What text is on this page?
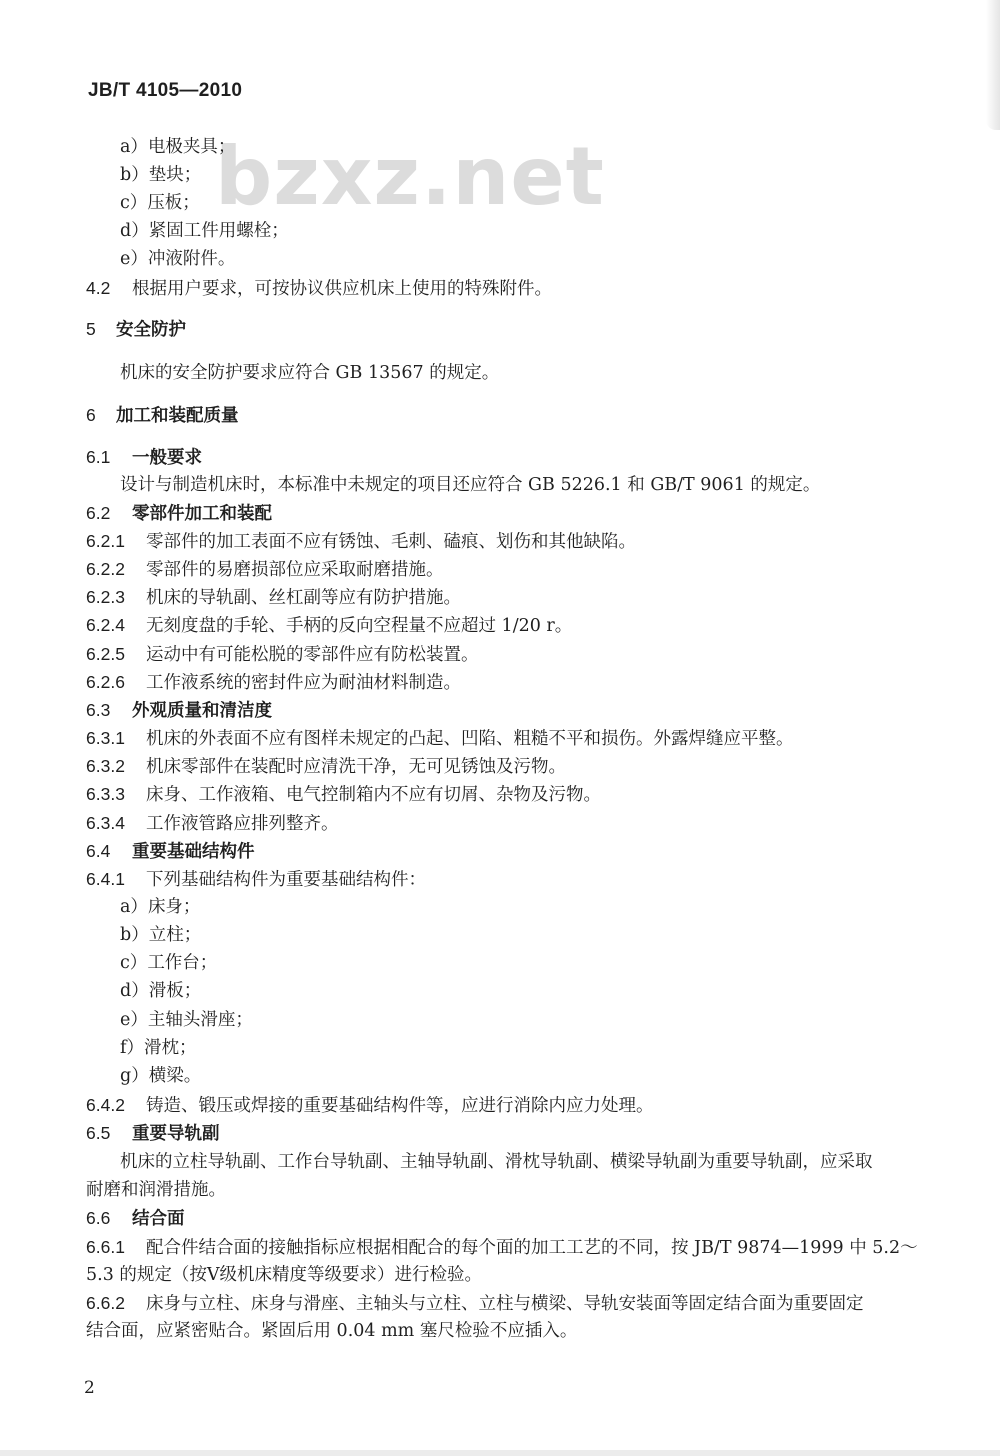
JB/T 4105—2010
bzxz.net
a）电极夹具；
b）垫块；
c）压板；
d）紧固工件用螺栓；
e）冲液附件。
4.2 根据用户要求，可按协议供应机床上使用的特殊附件。
5 安全防护
机床的安全防护要求应符合 GB 13567 的规定。
6 加工和装配质量
6.1 一般要求
设计与制造机床时，本标准中未规定的项目还应符合 GB 5226.1 和 GB/T 9061 的规定。
6.2 零部件加工和装配
6.2.1 零部件的加工表面不应有锈蚀、毛刺、磕痕、划伤和其他缺陷。
6.2.2 零部件的易磨损部位应采取耐磨措施。
6.2.3 机床的导轨副、丝杠副等应有防护措施。
6.2.4 无刻度盘的手轮、手柄的反向空程量不应超过 1/20 r。
6.2.5 运动中有可能松脱的零部件应有防松装置。
6.2.6 工作液系统的密封件应为耐油材料制造。
6.3 外观质量和清洁度
6.3.1 机床的外表面不应有图样未规定的凸起、凹陷、粗糙不平和损伤。外露焊缝应平整。
6.3.2 机床零部件在装配时应清洗干净，无可见锈蚀及污物。
6.3.3 床身、工作液箱、电气控制箱内不应有切屑、杂物及污物。
6.3.4 工作液管路应排列整齐。
6.4 重要基础结构件
6.4.1 下列基础结构件为重要基础结构件：
a）床身；
b）立柱；
c）工作台；
d）滑板；
e）主轴头滑座；
f）滑枕；
g）横梁。
6.4.2 铸造、锻压或焊接的重要基础结构件等，应进行消除内应力处理。
6.5 重要导轨副
机床的立柱导轨副、工作台导轨副、主轴导轨副、滑枕导轨副、横梁导轨副为重要导轨副，应采取
耐磨和润滑措施。
6.6 结合面
6.6.1 配合件结合面的接触指标应根据相配合的每个面的加工工艺的不同，按 JB/T 9874—1999 中 5.2～
5.3 的规定（按Ⅴ级机床精度等级要求）进行检验。
6.6.2 床身与立柱、床身与滑座、主轴头与立柱、立柱与横梁、导轨安装面等固定结合面为重要固定
结合面，应紧密贴合。紧固后用 0.04 mm 塞尺检验不应插入。
2
